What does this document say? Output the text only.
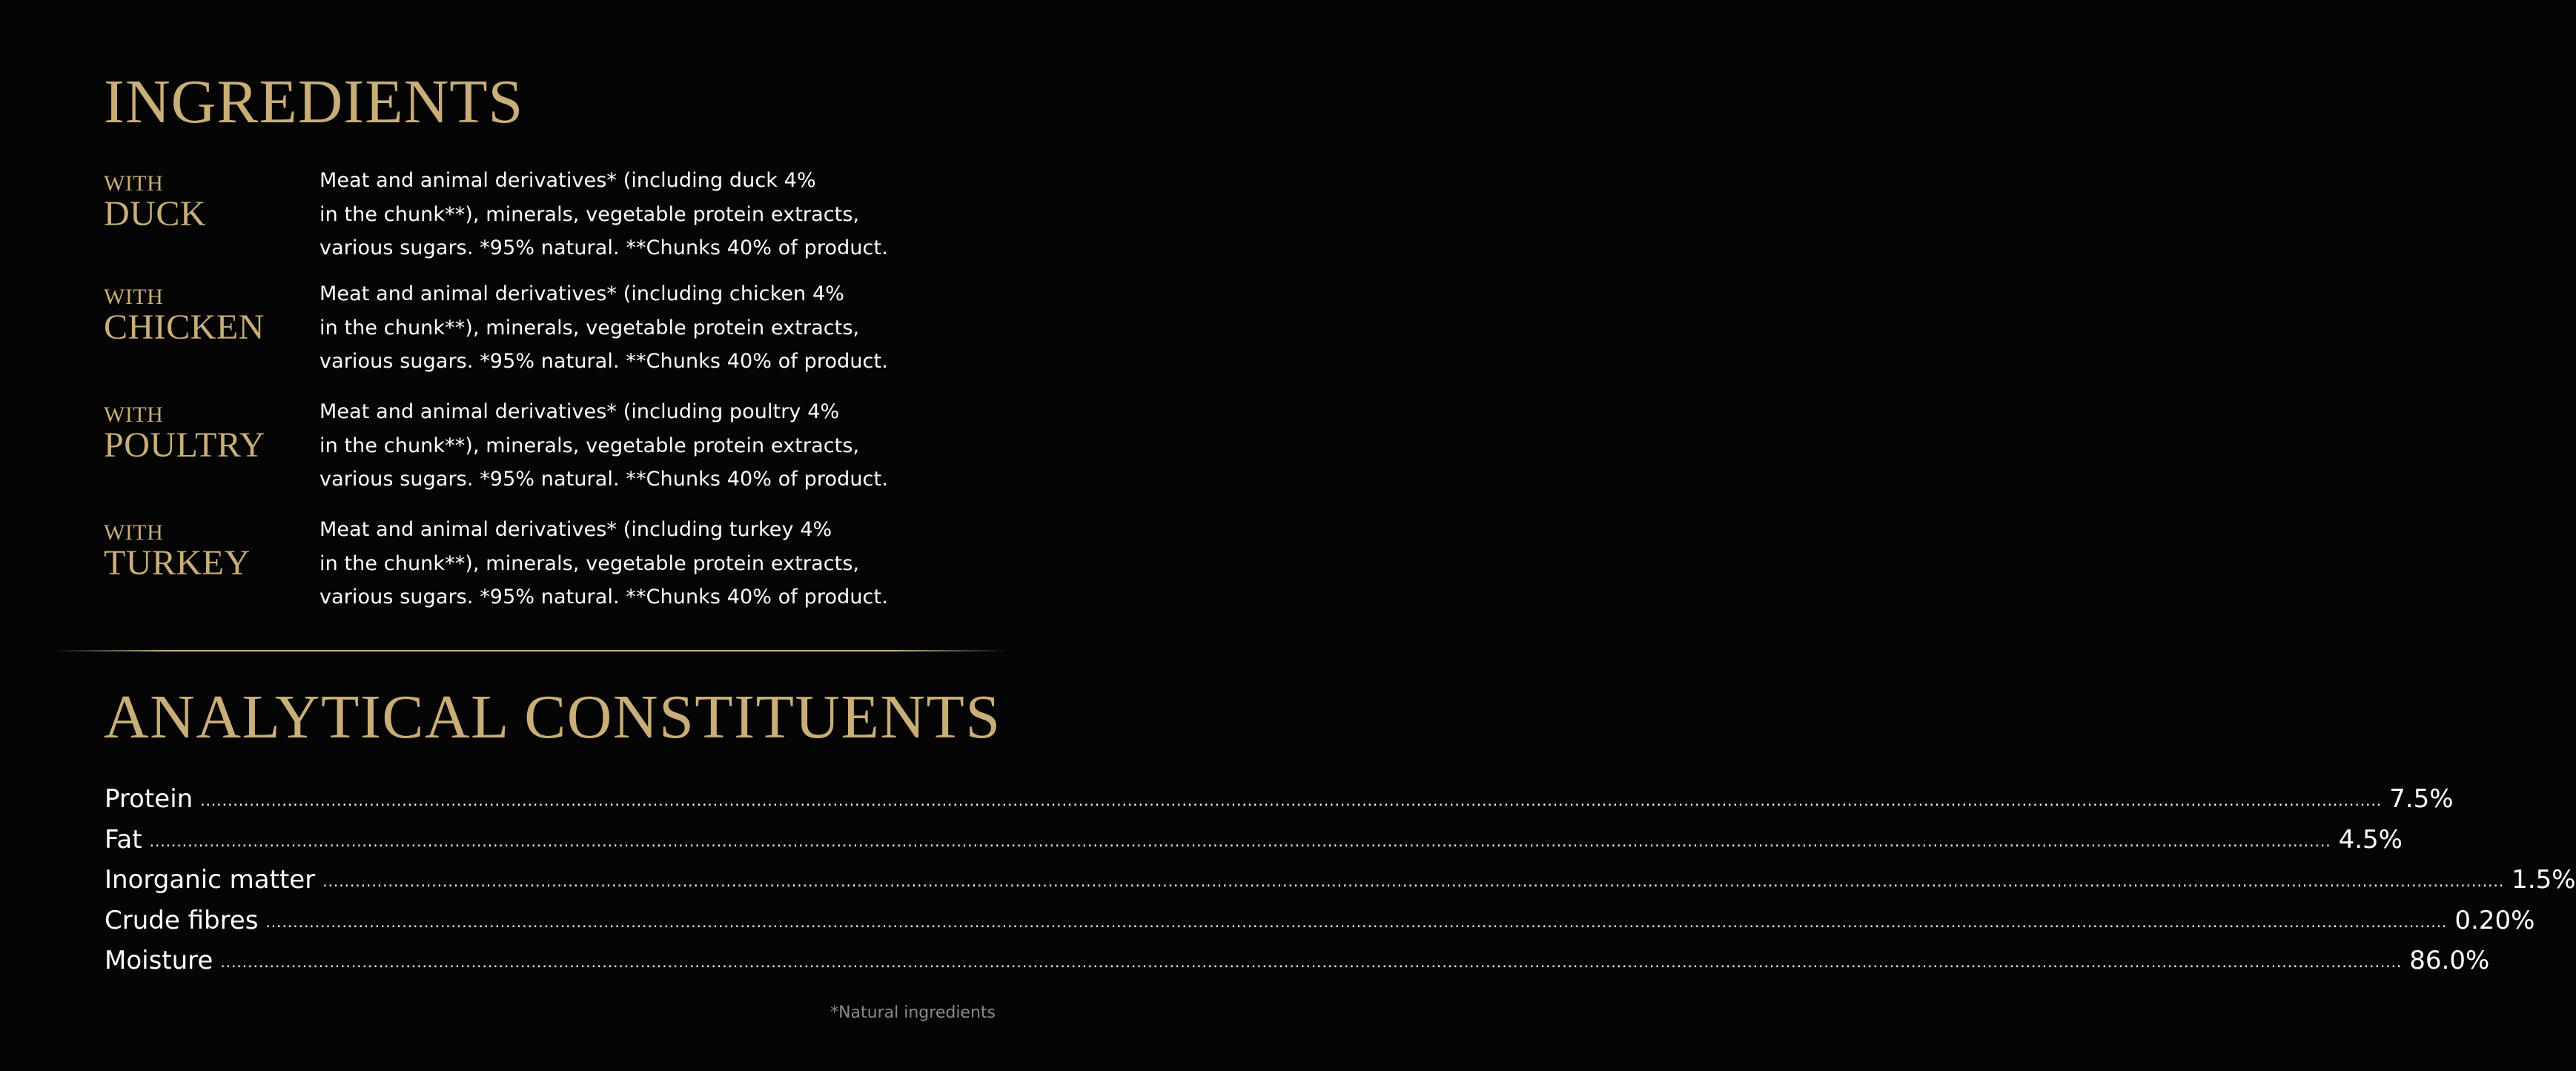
INGREDIENTS
WITH
DUCK
Meat and animal derivatives* (including duck 4%
in the chunk**), minerals, vegetable protein extracts,
various sugars. *95% natural. **Chunks 40% of product.
WITH
CHICKEN
Meat and animal derivatives* (including chicken 4%
in the chunk**), minerals, vegetable protein extracts,
various sugars. *95% natural. **Chunks 40% of product.
WITH
POULTRY
Meat and animal derivatives* (including poultry 4%
in the chunk**), minerals, vegetable protein extracts,
various sugars. *95% natural. **Chunks 40% of product.
WITH
TURKEY
Meat and animal derivatives* (including turkey 4%
in the chunk**), minerals, vegetable protein extracts,
various sugars. *95% natural. **Chunks 40% of product.
ANALYTICAL CONSTITUENTS
Protein ................................................................................................................................................................................................................................................................................................................................................................................................................ 7.5%
Fat ................................................................................................................................................................................................................................................................................................................................................................................................................ 4.5%
Inorganic matter ................................................................................................................................................................................................................................................................................................................................................................................................................ 1.5%
Crude fibres ................................................................................................................................................................................................................................................................................................................................................................................................................ 0.20%
Moisture ................................................................................................................................................................................................................................................................................................................................................................................................................ 86.0%
*Natural ingredients
